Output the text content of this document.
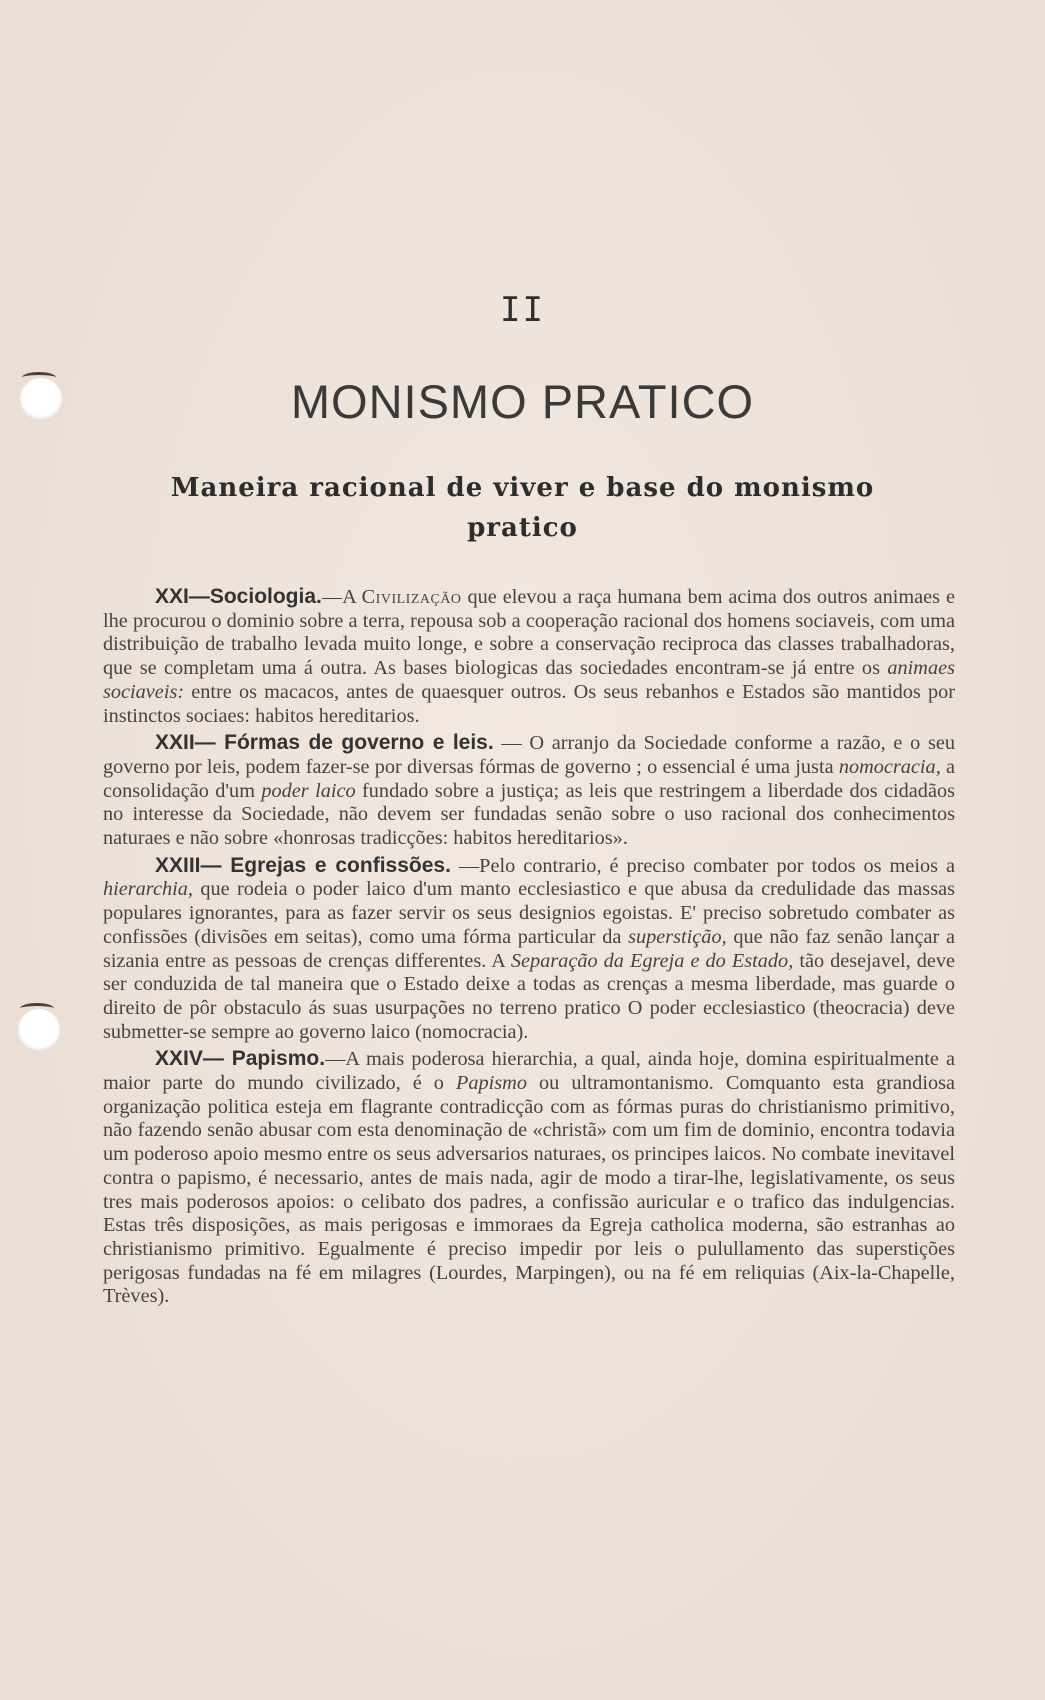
II
MONISMO PRATICO
Maneira racional de viver e base do monismo pratico

XXI—Sociologia.—A Civilização que elevou a raça humana bem acima dos outros animaes e lhe procurou o dominio sobre a terra, repousa sob a cooperação racional dos homens sociaveis, com uma distribuição de trabalho levada muito longe, e sobre a conservação reciproca das classes trabalhadoras, que se completam uma á outra. As bases biologicas das sociedades encontram-se já entre os animaes sociaveis: entre os macacos, antes de quaesquer outros. Os seus rebanhos e Estados são mantidos por instinctos sociaes: habitos hereditarios.

XXII— Fórmas de governo e leis. — O arranjo da Sociedade conforme a razão, e o seu governo por leis, podem fazer-se por diversas fórmas de governo ; o essencial é uma justa nomocracia, a consolidação d'um poder laico fundado sobre a justiça; as leis que restringem a liberdade dos cidadãos no interesse da Sociedade, não devem ser fundadas senão sobre o uso racional dos conhecimentos naturaes e não sobre «honrosas tradicções: habitos hereditarios».

XXIII— Egrejas e confissões. —Pelo contrario, é preciso combater por todos os meios a hierarchia, que rodeia o poder laico d'um manto ecclesiastico e que abusa da credulidade das massas populares ignorantes, para as fazer servir os seus designios egoistas. E' preciso sobretudo combater as confissões (divisões em seitas), como uma fórma particular da superstição, que não faz senão lançar a sizania entre as pessoas de crenças differentes. A Separação da Egreja e do Estado, tão desejavel, deve ser conduzida de tal maneira que o Estado deixe a todas as crenças a mesma liberdade, mas guarde o direito de pôr obstaculo ás suas usurpações no terreno pratico O poder ecclesiastico (theocracia) deve submetter-se sempre ao governo laico (nomocracia).

XXIV— Papismo.—A mais poderosa hierarchia, a qual, ainda hoje, domina espiritualmente a maior parte do mundo civilizado, é o Papismo ou ultramontanismo. Comquanto esta grandiosa organização politica esteja em flagrante contradicção com as fórmas puras do christianismo primitivo, não fazendo senão abusar com esta denominação de «christã» com um fim de dominio, encontra todavia um poderoso apoio mesmo entre os seus adversarios naturaes, os principes laicos. No combate inevitavel contra o papismo, é necessario, antes de mais nada, agir de modo a tirar-lhe, legislativamente, os seus tres mais poderosos apoios: o celibato dos padres, a confissão auricular e o trafico das indulgencias. Estas três disposições, as mais perigosas e immoraes da Egreja catholica moderna, são estranhas ao christianismo primitivo. Egualmente é preciso impedir por leis o pulullamento das superstições perigosas fundadas na fé em milagres (Lourdes, Marpingen), ou na fé em reliquias (Aix-la-Chapelle, Trèves).
